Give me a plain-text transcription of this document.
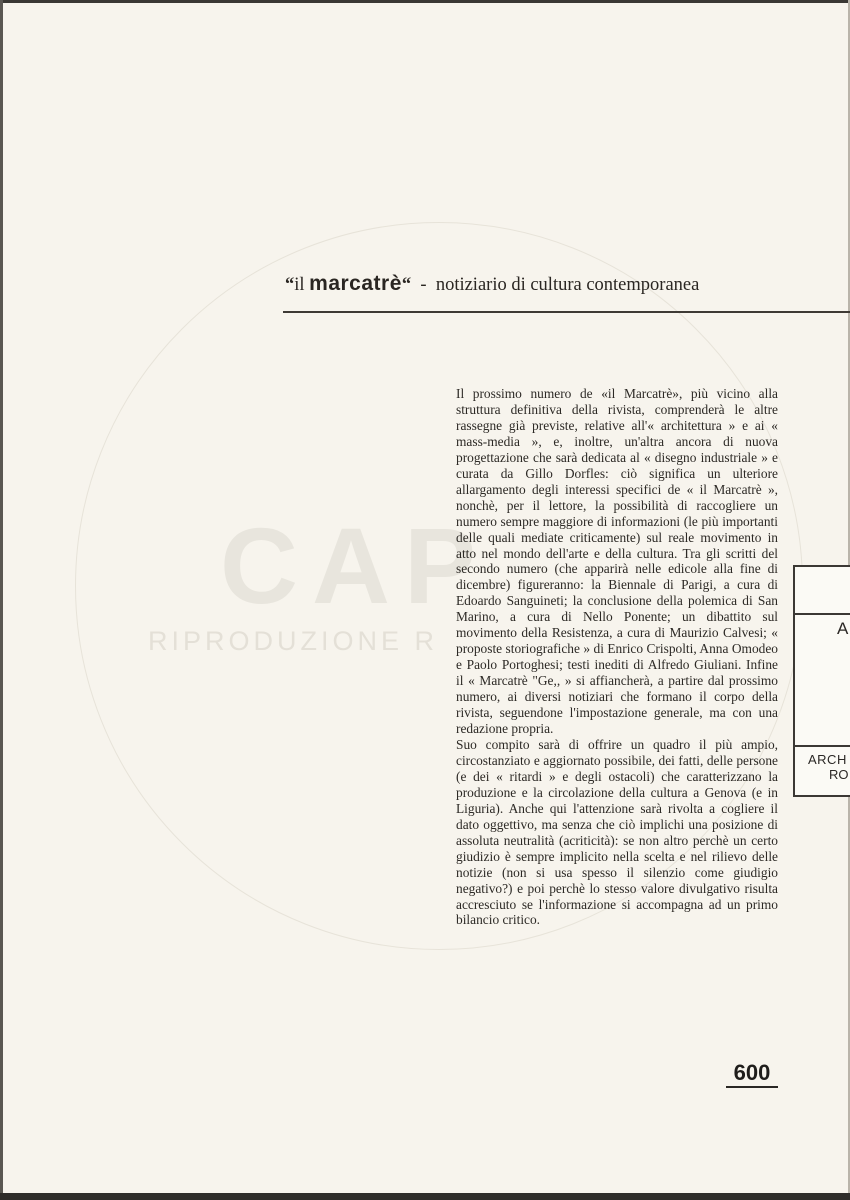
CAP
RIPRODUZIONE R
“il marcatrè“ - notiziario di cultura contemporanea

Il prossimo numero de «il Marcatrè», più vicino alla struttura definitiva della rivista, comprenderà le altre rassegne già previste, relative all'« architettura » e ai « mass-media », e, inoltre, un'altra ancora di nuova progettazione che sarà dedicata al « disegno industriale » e curata da Gillo Dorfles: ciò significa un ulteriore allargamento degli interessi specifici de « il Marcatrè », nonchè, per il lettore, la possibilità di raccogliere un numero sempre maggiore di informazioni (le più importanti delle quali mediate criticamente) sul reale movimento in atto nel mondo dell'arte e della cultura. Tra gli scritti del secondo numero (che apparirà nelle edicole alla fine di dicembre) figureranno: la Biennale di Parigi, a cura di Edoardo Sanguineti; la conclusione della polemica di San Marino, a cura di Nello Ponente; un dibattito sul movimento della Resistenza, a cura di Maurizio Calvesi; « proposte storiografiche » di Enrico Crispolti, Anna Omodeo e Paolo Portoghesi; testi inediti di Alfredo Giuliani. Infine il « Marcatrè "Ge,, » si affiancherà, a partire dal prossimo numero, ai diversi notiziari che formano il corpo della rivista, seguendone l'impostazione generale, ma con una redazione propria.

Suo compito sarà di offrire un quadro il più ampio, circostanziato e aggiornato possibile, dei fatti, delle persone (e dei « ritardi » e degli ostacoli) che caratterizzano la produzione e la circolazione della cultura a Genova (e in Liguria). Anche qui l'attenzione sarà rivolta a cogliere il dato oggettivo, ma senza che ciò implichi una posizione di assoluta neutralità (acriticità): se non altro perchè un certo giudizio è sempre implicito nella scelta e nel rilievo delle notizie (non si usa spesso il silenzio come giudigio negativo?) e poi perchè lo stesso valore divulgativo risulta accresciuto se l'informazione si accompagna ad un primo bilancio critico.

600
A
ARCH
RO
